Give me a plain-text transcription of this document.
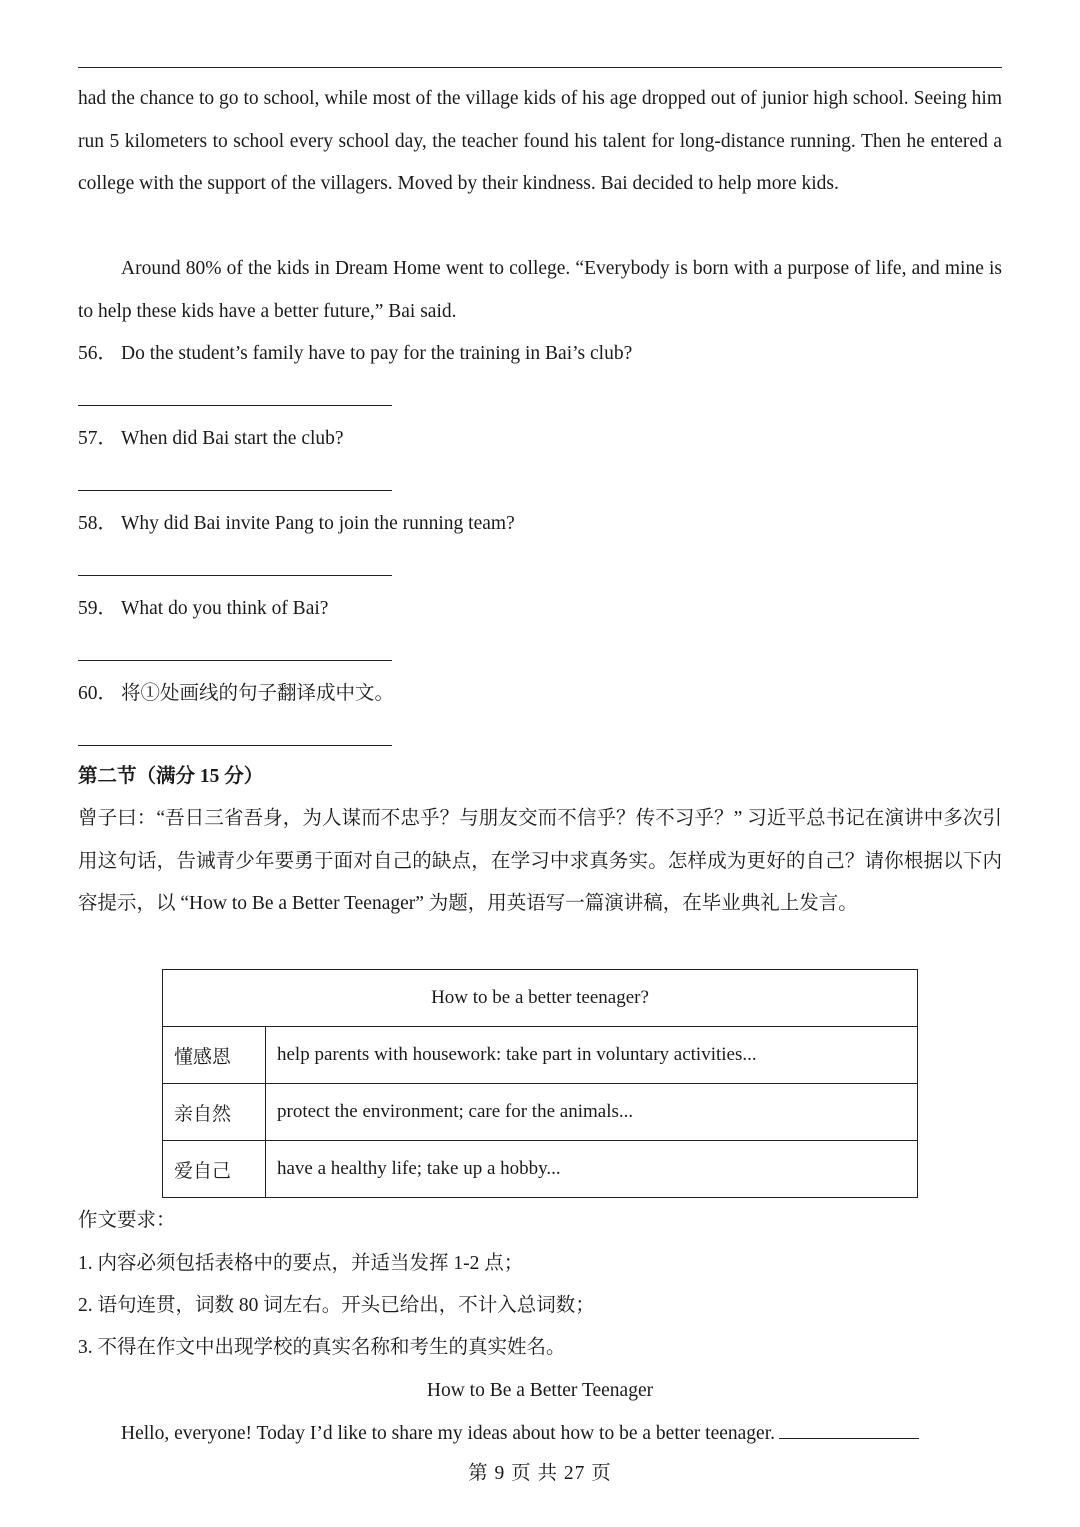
had the chance to go to school, while most of the village kids of his age dropped out of junior high school. Seeing him run 5 kilometers to school every school day, the teacher found his talent for long-distance running. Then he entered a college with the support of the villagers. Moved by their kindness. Bai decided to help more kids.
Around 80% of the kids in Dream Home went to college. “Everybody is born with a purpose of life, and mine is to help these kids have a better future,” Bai said.
56． Do the student’s family have to pay for the training in Bai’s club?
57． When did Bai start the club?
58． Why did Bai invite Pang to join the running team?
59． What do you think of Bai?
60． 将①处画线的句子翻译成中文。
第二节（满分 15 分）
曾子曰：“吾日三省吾身，为人谋而不忠乎？与朋友交而不信乎？传不习乎？” 习近平总书记在演讲中多次引用这句话，告诫青少年要勇于面对自己的缺点，在学习中求真务实。怎样成为更好的自己？请你根据以下内容提示，以 “How to Be a Better Teenager” 为题，用英语写一篇演讲稿，在毕业典礼上发言。
How to be a better teenager?	
懂感恩	help parents with housework: take part in voluntary activities...
亲自然	protect the environment; care for the animals...
爱自己	have a healthy life; take up a hobby...
作文要求：
1. 内容必须包括表格中的要点，并适当发挥 1-2 点；
2. 语句连贯，词数 80 词左右。开头已给出，不计入总词数；
3. 不得在作文中出现学校的真实名称和考生的真实姓名。
How to Be a Better Teenager
Hello, everyone! Today I’d like to share my ideas about how to be a better teenager.
第 9 页 共 27 页
